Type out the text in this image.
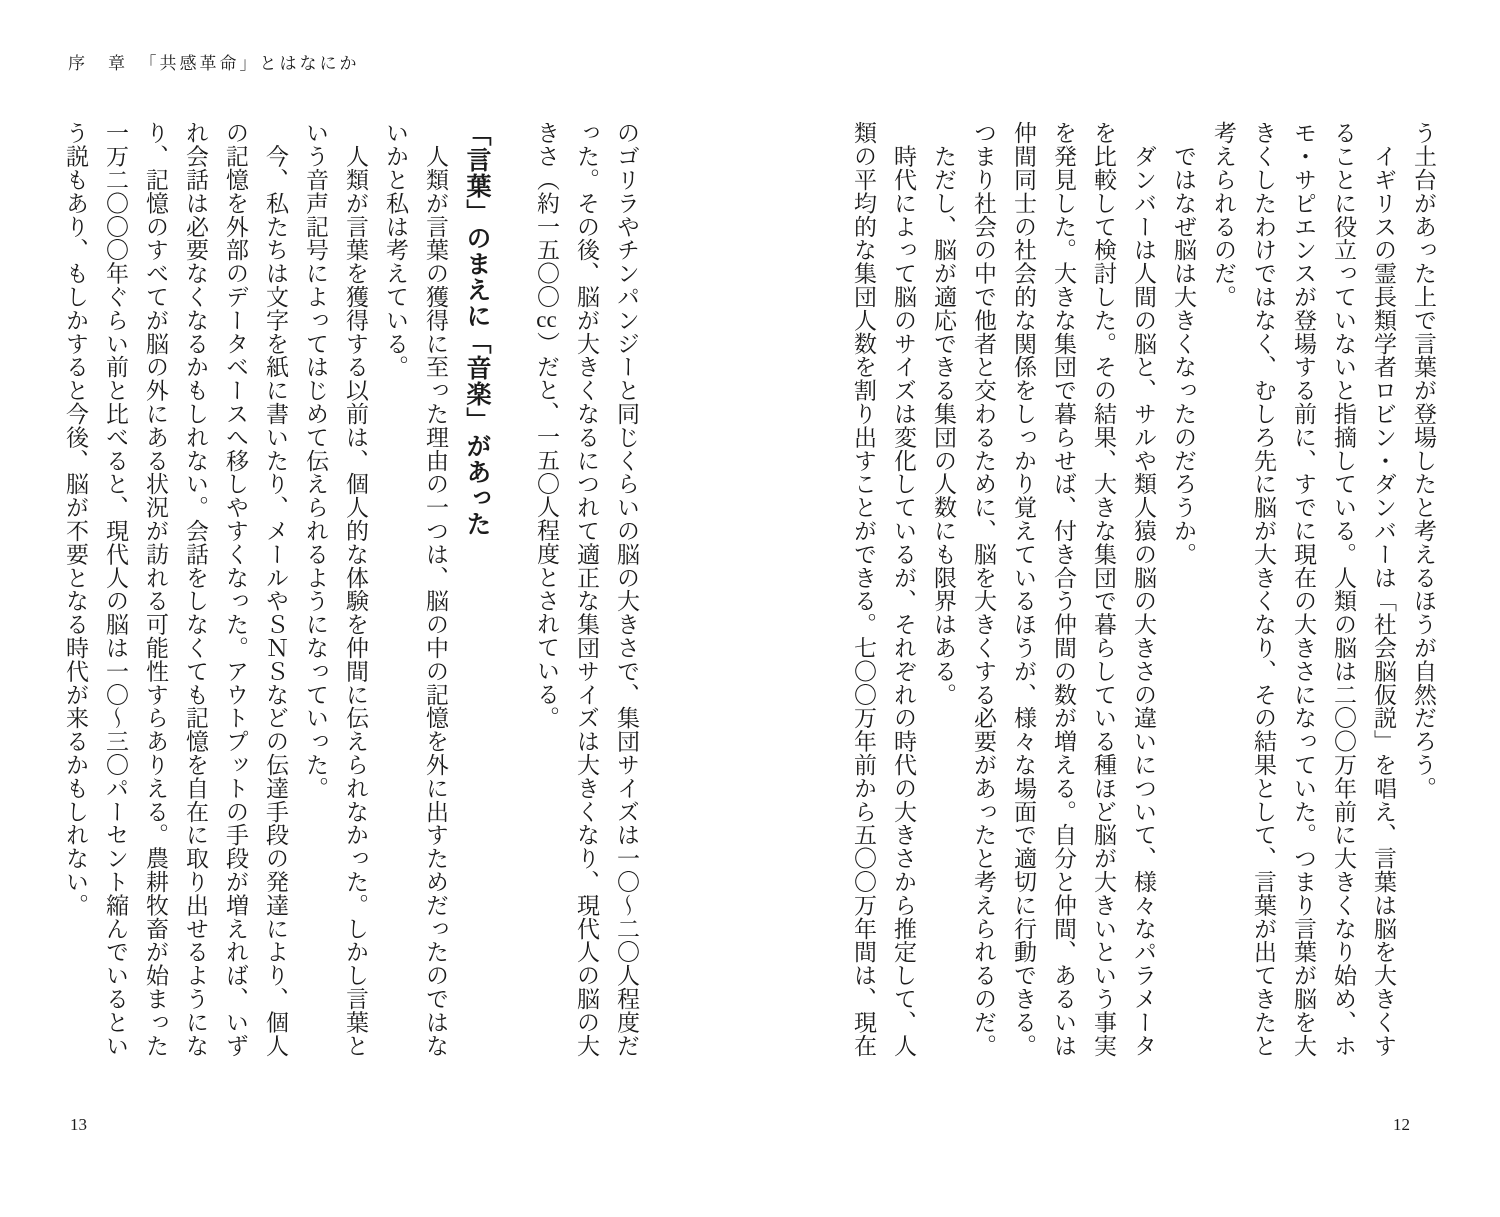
序　章　「共感革命」とはなにか
う土台があった上で言葉が登場したと考えるほうが自然だろう。
　イギリスの霊長類学者ロビン・ダンバーは「社会脳仮説」を唱え、言葉は脳を大きくす
ることに役立っていないと指摘している。人類の脳は二〇〇万年前に大きくなり始め、ホ
モ・サピエンスが登場する前に、すでに現在の大きさになっていた。つまり言葉が脳を大
きくしたわけではなく、むしろ先に脳が大きくなり、その結果として、言葉が出てきたと
考えられるのだ。
　ではなぜ脳は大きくなったのだろうか。
　ダンバーは人間の脳と、サルや類人猿の脳の大きさの違いについて、様々なパラメータ
を比較して検討した。その結果、大きな集団で暮らしている種ほど脳が大きいという事実
を発見した。大きな集団で暮らせば、付き合う仲間の数が増える。自分と仲間、あるいは
仲間同士の社会的な関係をしっかり覚えているほうが、様々な場面で適切に行動できる。
つまり社会の中で他者と交わるために、脳を大きくする必要があったと考えられるのだ。
　ただし、脳が適応できる集団の人数にも限界はある。
　時代によって脳のサイズは変化しているが、それぞれの時代の大きさから推定して、人
類の平均的な集団人数を割り出すことができる。七〇〇万年前から五〇〇万年間は、現在
のゴリラやチンパンジーと同じくらいの脳の大きさで、集団サイズは一〇〜二〇人程度だ
った。その後、脳が大きくなるにつれて適正な集団サイズは大きくなり、現代人の脳の大
きさ（約一五〇〇cc）だと、一五〇人程度とされている。
「言葉」のまえに「音楽」があった
　人類が言葉の獲得に至った理由の一つは、脳の中の記憶を外に出すためだったのではな
いかと私は考えている。
　人類が言葉を獲得する以前は、個人的な体験を仲間に伝えられなかった。しかし言葉と
いう音声記号によってはじめて伝えられるようになっていった。
　今、私たちは文字を紙に書いたり、メールやＳＮＳなどの伝達手段の発達により、個人
の記憶を外部のデータベースへ移しやすくなった。アウトプットの手段が増えれば、いず
れ会話は必要なくなるかもしれない。会話をしなくても記憶を自在に取り出せるようにな
り、記憶のすべてが脳の外にある状況が訪れる可能性すらありえる。農耕牧畜が始まった
一万二〇〇〇年ぐらい前と比べると、現代人の脳は一〇〜三〇パーセント縮んでいるとい
う説もあり、もしかすると今後、脳が不要となる時代が来るかもしれない。
12
13
